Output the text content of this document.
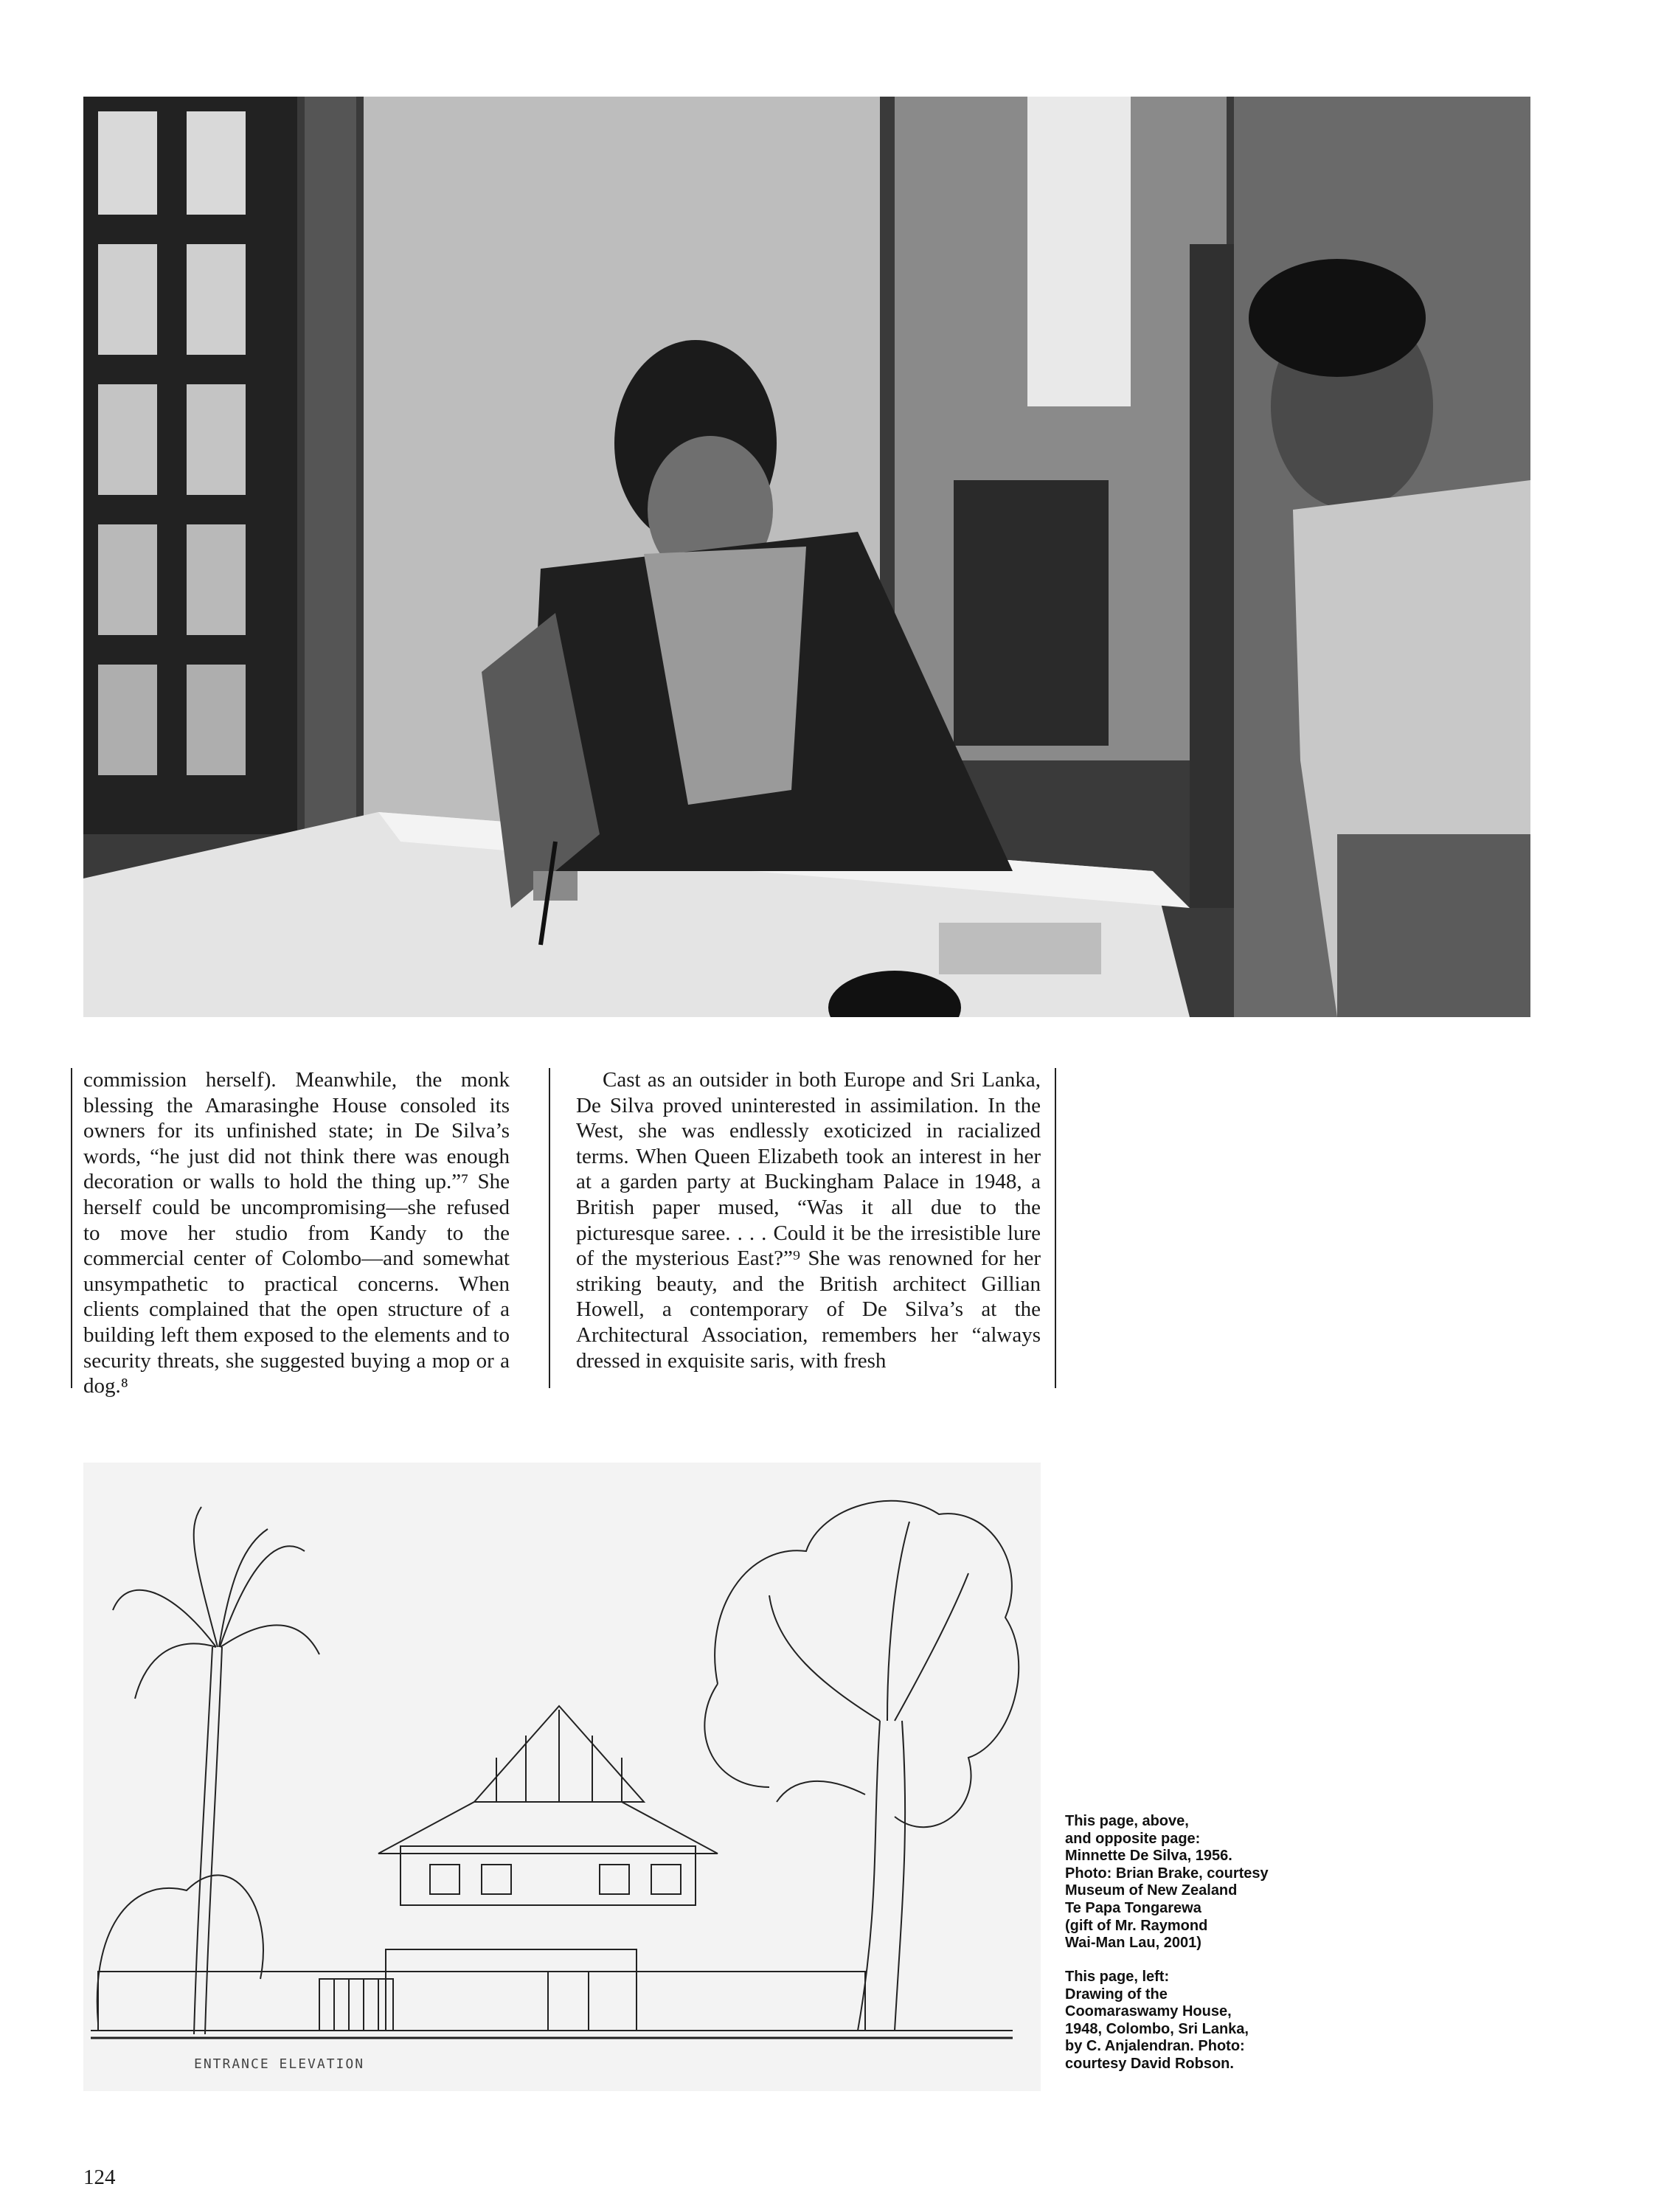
commission herself). Meanwhile, the monk blessing the Amarasinghe House consoled its owners for its unfinished state; in De Silva’s words, “he just did not think there was enough decoration or walls to hold the thing up.”⁷ She herself could be uncompromising—she refused to move her studio from Kandy to the commercial center of Colombo—and somewhat unsympathetic to practical concerns. When clients complained that the open structure of a building left them exposed to the elements and to security threats, she suggested buying a mop or a dog.⁸

Cast as an outsider in both Europe and Sri Lanka, De Silva proved uninterested in assimilation. In the West, she was endlessly exoticized in racialized terms. When Queen Elizabeth took an interest in her at a garden party at Buckingham Palace in 1948, a British paper mused, “Was it all due to the picturesque saree. . . . Could it be the irresistible lure of the mysterious East?”⁹ She was renowned for her striking beauty, and the British architect Gillian Howell, a contemporary of De Silva’s at the Architectural Association, remembers her “always dressed in exquisite saris, with fresh

ENTRANCE ELEVATION
This page, above,
and opposite page:
Minnette De Silva, 1956.
Photo: Brian Brake, courtesy
Museum of New Zealand
Te Papa Tongarewa
(gift of Mr. Raymond
Wai-Man Lau, 2001)
This page, left:
Drawing of the
Coomaraswamy House,
1948, Colombo, Sri Lanka,
by C. Anjalendran. Photo:
courtesy David Robson.
124
